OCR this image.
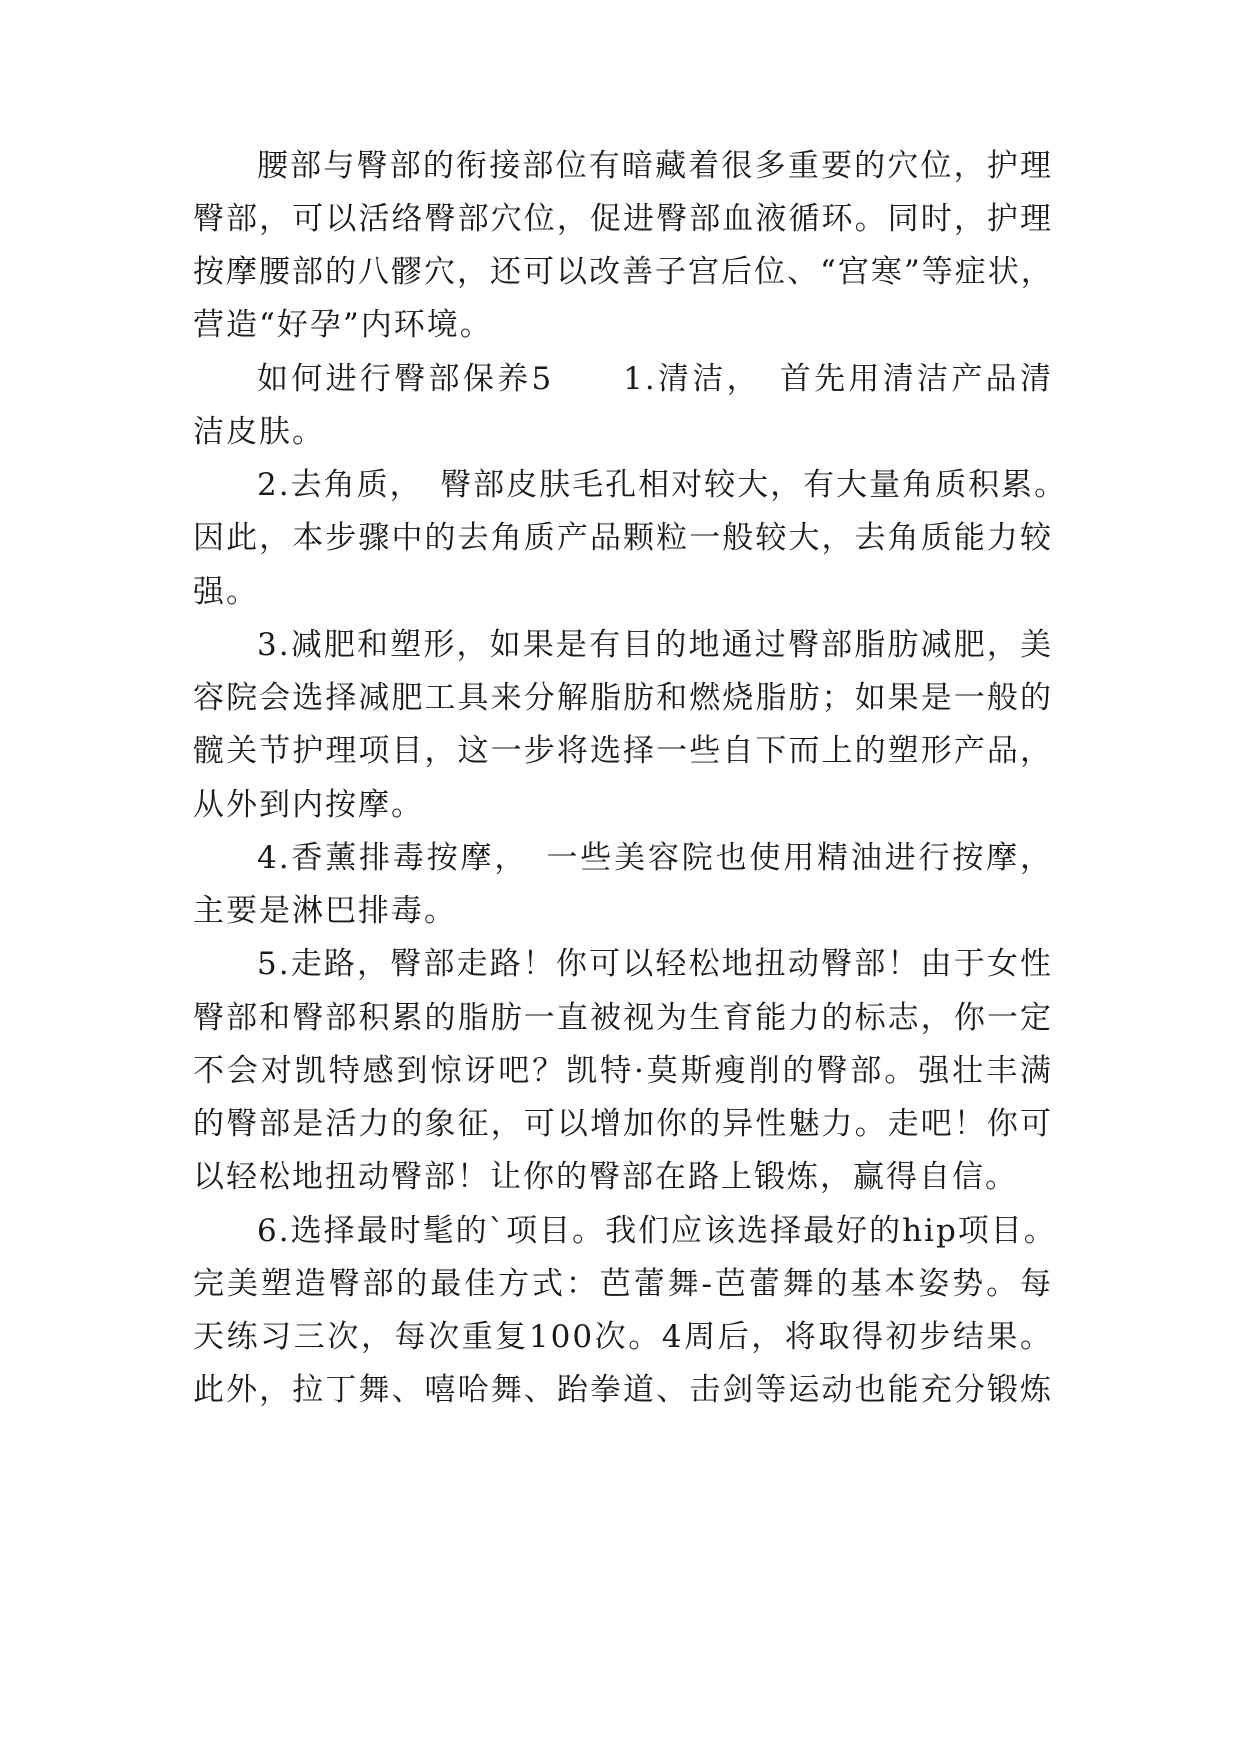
腰部与臀部的衔接部位有暗藏着很多重要的穴位，护理

臀部，可以活络臀部穴位，促进臀部血液循环。同时，护理

按摩腰部的八髎穴，还可以改善子宫后位、“宫寒”等症状，

营造“好孕”内环境。

如何进行臀部保养5　　1.清洁，　首先用清洁产品清

洁皮肤。

2.去角质，　臀部皮肤毛孔相对较大，有大量角质积累。

因此，本步骤中的去角质产品颗粒一般较大，去角质能力较

强。

3.减肥和塑形，如果是有目的地通过臀部脂肪减肥，美

容院会选择减肥工具来分解脂肪和燃烧脂肪；如果是一般的

髋关节护理项目，这一步将选择一些自下而上的塑形产品，

从外到内按摩。

4.香薰排毒按摩，　一些美容院也使用精油进行按摩，

主要是淋巴排毒。

5.走路，臀部走路！你可以轻松地扭动臀部！由于女性

臀部和臀部积累的脂肪一直被视为生育能力的标志，你一定

不会对凯特感到惊讶吧？凯特·莫斯瘦削的臀部。强壮丰满

的臀部是活力的象征，可以增加你的异性魅力。走吧！你可

以轻松地扭动臀部！让你的臀部在路上锻炼，赢得自信。

6.选择最时髦的`项目。我们应该选择最好的hip项目。

完美塑造臀部的最佳方式：芭蕾舞-芭蕾舞的基本姿势。每

天练习三次，每次重复100次。4周后，将取得初步结果。

此外，拉丁舞、嘻哈舞、跆拳道、击剑等运动也能充分锻炼
